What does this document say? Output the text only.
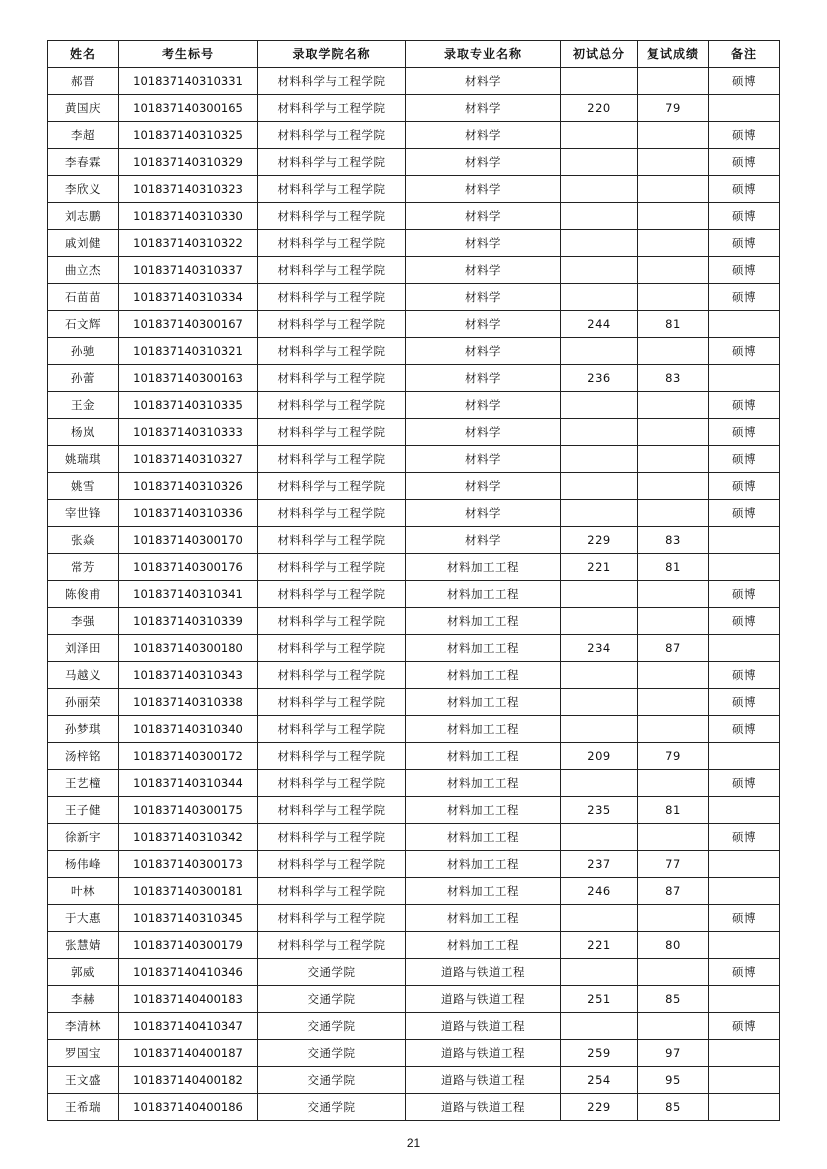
姓名	考生标号	录取学院名称	录取专业名称	初试总分	复试成绩	备注
郝晋	101837140310331	材料科学与工程学院	材料学			硕博
黄国庆	101837140300165	材料科学与工程学院	材料学	220	79	
李超	101837140310325	材料科学与工程学院	材料学			硕博
李春霖	101837140310329	材料科学与工程学院	材料学			硕博
李欣义	101837140310323	材料科学与工程学院	材料学			硕博
刘志鹏	101837140310330	材料科学与工程学院	材料学			硕博
戚刘健	101837140310322	材料科学与工程学院	材料学			硕博
曲立杰	101837140310337	材料科学与工程学院	材料学			硕博
石苗苗	101837140310334	材料科学与工程学院	材料学			硕博
石文辉	101837140300167	材料科学与工程学院	材料学	244	81	
孙驰	101837140310321	材料科学与工程学院	材料学			硕博
孙蕾	101837140300163	材料科学与工程学院	材料学	236	83	
王金	101837140310335	材料科学与工程学院	材料学			硕博
杨岚	101837140310333	材料科学与工程学院	材料学			硕博
姚瑞琪	101837140310327	材料科学与工程学院	材料学			硕博
姚雪	101837140310326	材料科学与工程学院	材料学			硕博
宰世锋	101837140310336	材料科学与工程学院	材料学			硕博
张焱	101837140300170	材料科学与工程学院	材料学	229	83	
常芳	101837140300176	材料科学与工程学院	材料加工工程	221	81	
陈俊甫	101837140310341	材料科学与工程学院	材料加工工程			硕博
李强	101837140310339	材料科学与工程学院	材料加工工程			硕博
刘泽田	101837140300180	材料科学与工程学院	材料加工工程	234	87	
马越义	101837140310343	材料科学与工程学院	材料加工工程			硕博
孙丽荣	101837140310338	材料科学与工程学院	材料加工工程			硕博
孙梦琪	101837140310340	材料科学与工程学院	材料加工工程			硕博
汤梓铭	101837140300172	材料科学与工程学院	材料加工工程	209	79	
王艺橦	101837140310344	材料科学与工程学院	材料加工工程			硕博
王子健	101837140300175	材料科学与工程学院	材料加工工程	235	81	
徐新宇	101837140310342	材料科学与工程学院	材料加工工程			硕博
杨伟峰	101837140300173	材料科学与工程学院	材料加工工程	237	77	
叶林	101837140300181	材料科学与工程学院	材料加工工程	246	87	
于大惠	101837140310345	材料科学与工程学院	材料加工工程			硕博
张慧婧	101837140300179	材料科学与工程学院	材料加工工程	221	80	
郭威	101837140410346	交通学院	道路与铁道工程			硕博
李赫	101837140400183	交通学院	道路与铁道工程	251	85	
李清林	101837140410347	交通学院	道路与铁道工程			硕博
罗国宝	101837140400187	交通学院	道路与铁道工程	259	97	
王文盛	101837140400182	交通学院	道路与铁道工程	254	95	
王希瑞	101837140400186	交通学院	道路与铁道工程	229	85	
21
